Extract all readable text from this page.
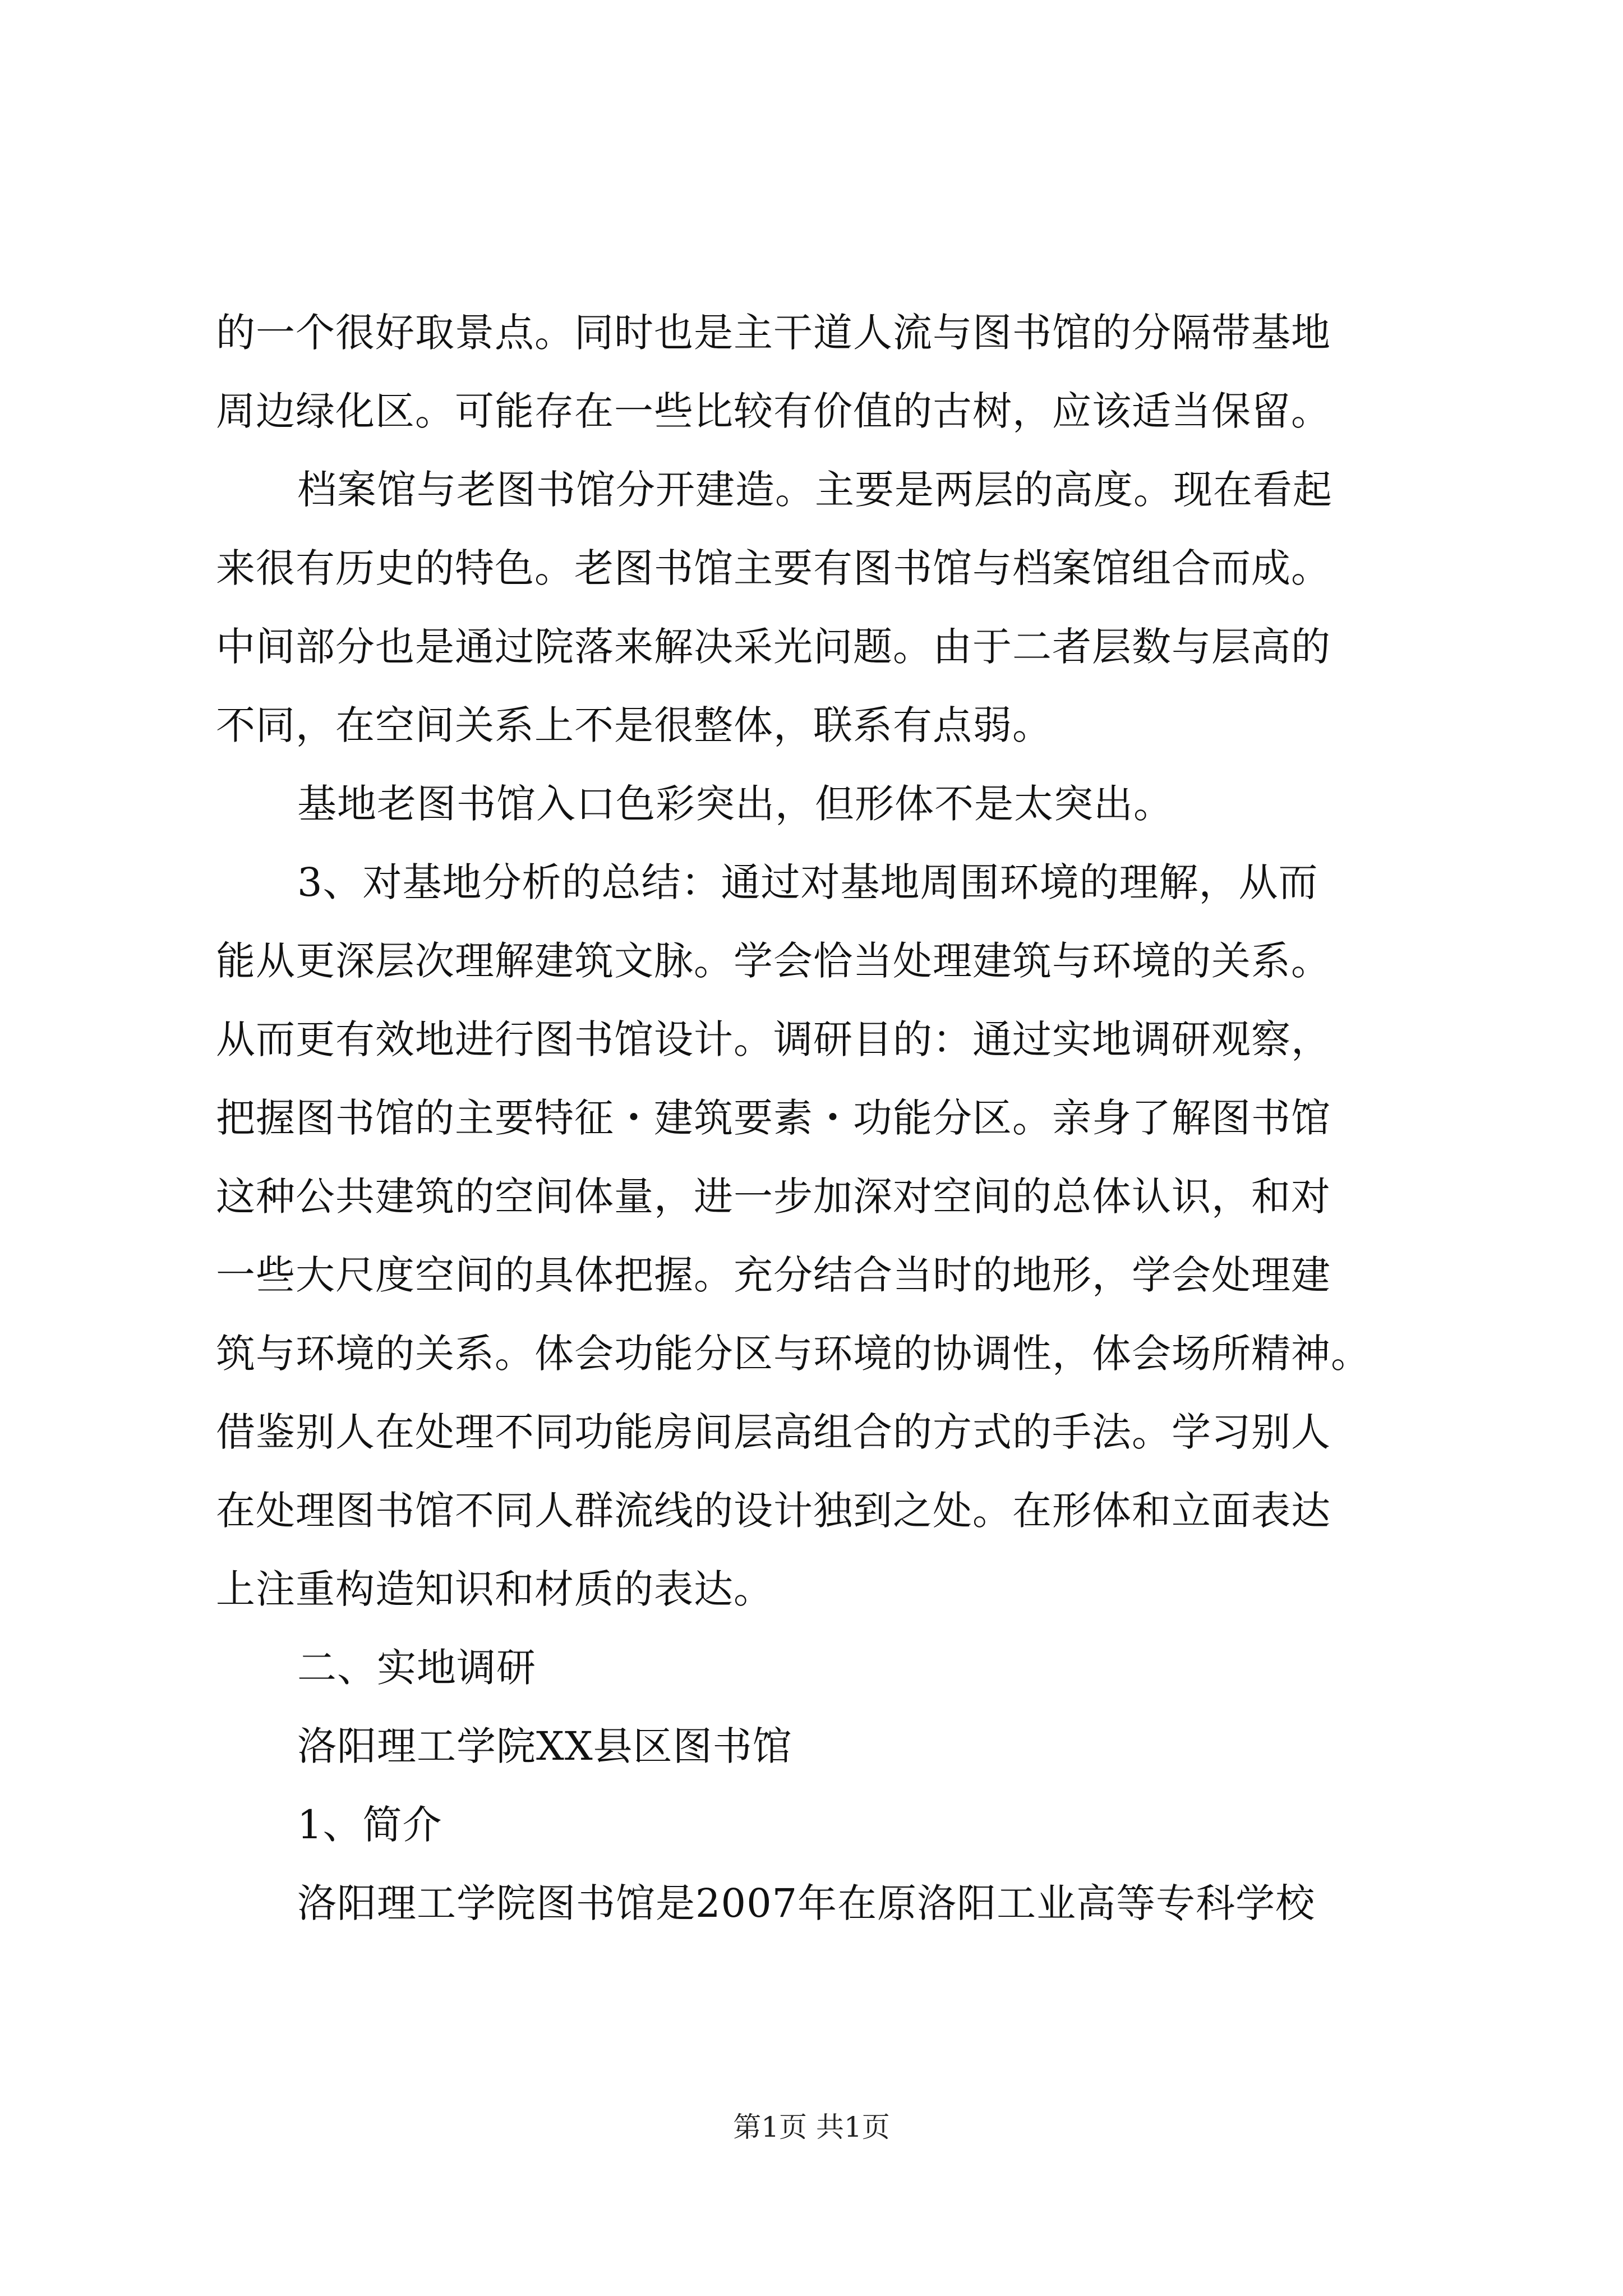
的一个很好取景点。同时也是主干道人流与图书馆的分隔带基地
周边绿化区。可能存在一些比较有价值的古树，应该适当保留。
档案馆与老图书馆分开建造。主要是两层的高度。现在看起
来很有历史的特色。老图书馆主要有图书馆与档案馆组合而成。
中间部分也是通过院落来解决采光问题。由于二者层数与层高的
不同，在空间关系上不是很整体，联系有点弱。
基地老图书馆入口色彩突出，但形体不是太突出。
3、对基地分析的总结：通过对基地周围环境的理解，从而
能从更深层次理解建筑文脉。学会恰当处理建筑与环境的关系。
从而更有效地进行图书馆设计。调研目的：通过实地调研观察，
把握图书馆的主要特征・建筑要素・功能分区。亲身了解图书馆
这种公共建筑的空间体量，进一步加深对空间的总体认识，和对
一些大尺度空间的具体把握。充分结合当时的地形，学会处理建
筑与环境的关系。体会功能分区与环境的协调性，体会场所精神。
借鉴别人在处理不同功能房间层高组合的方式的手法。学习别人
在处理图书馆不同人群流线的设计独到之处。在形体和立面表达
上注重构造知识和材质的表达。
二、实地调研
洛阳理工学院XX县区图书馆
1、简介
洛阳理工学院图书馆是2007年在原洛阳工业高等专科学校
第1页 共1页
